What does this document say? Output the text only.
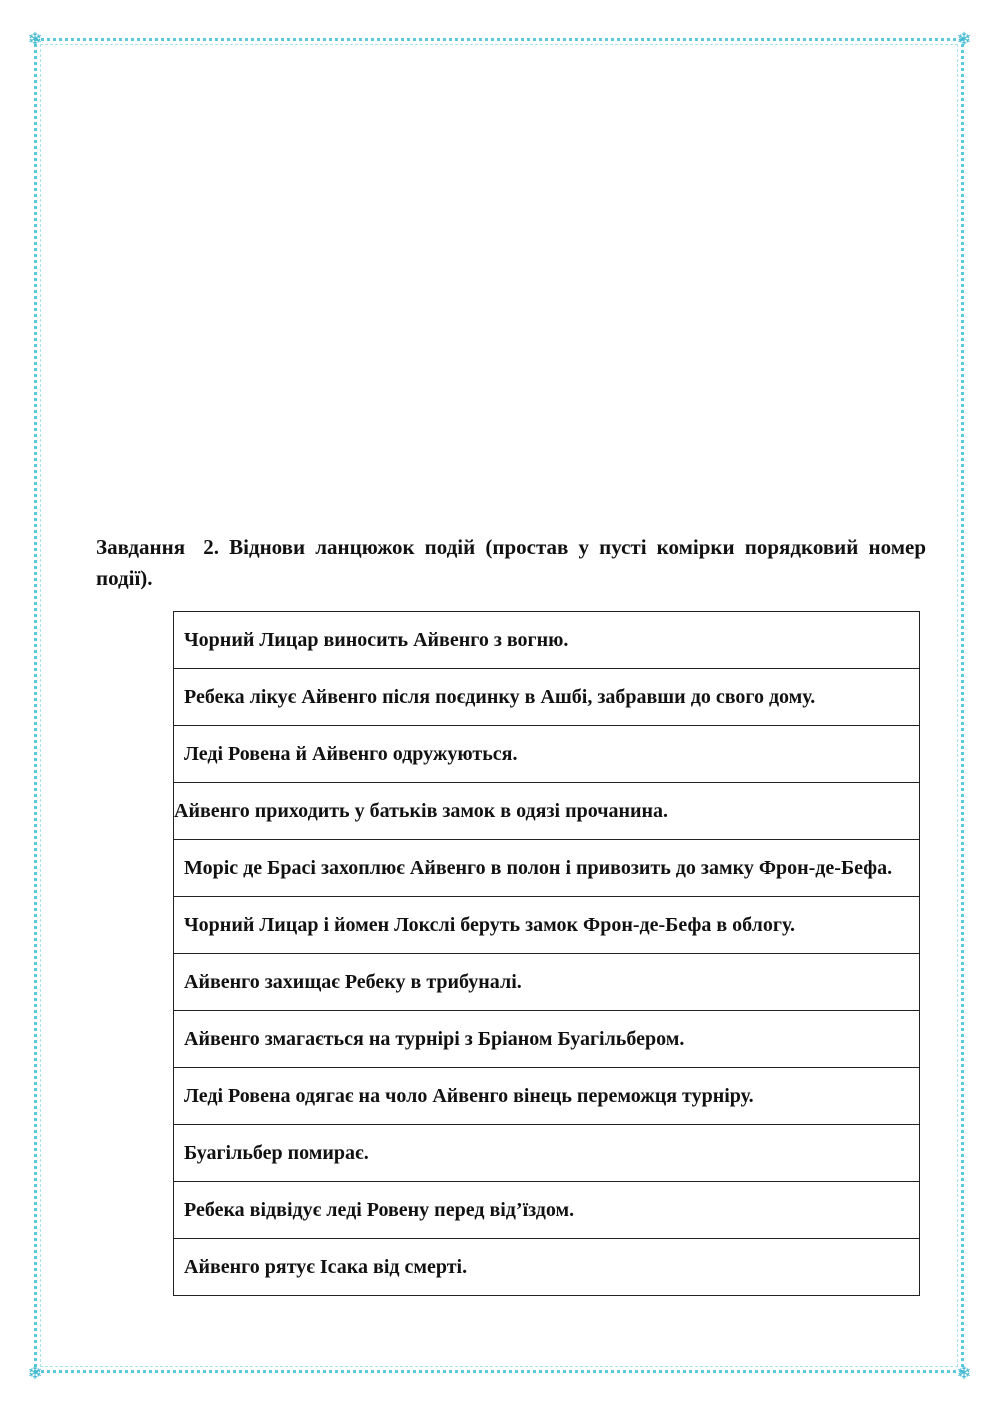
❄	❄
❄	❄
Завдання 2. Віднови ланцюжок подій (простав у пусті комірки порядковий номер події).
Чорний Лицар виносить Айвенго з вогню.
Ребека лікує Айвенго після поєдинку в Ашбі, забравши до свого дому.
Леді Ровена й Айвенго одружуються.
Айвенго приходить у батьків замок в одязі прочанина.
Моріс де Брасі захоплює Айвенго в полон і привозить до замку Фрон-де-Бефа.
Чорний Лицар і йомен Локслі беруть замок Фрон-де-Бефа в облогу.
Айвенго захищає Ребеку в трибуналі.
Айвенго змагається на турнірі з Бріаном Буагільбером.
Леді Ровена одягає на чоло Айвенго вінець переможця турніру.
Буагільбер помирає.
Ребека відвідує леді Ровену перед від’їздом.
Айвенго рятує Ісака від смерті.
